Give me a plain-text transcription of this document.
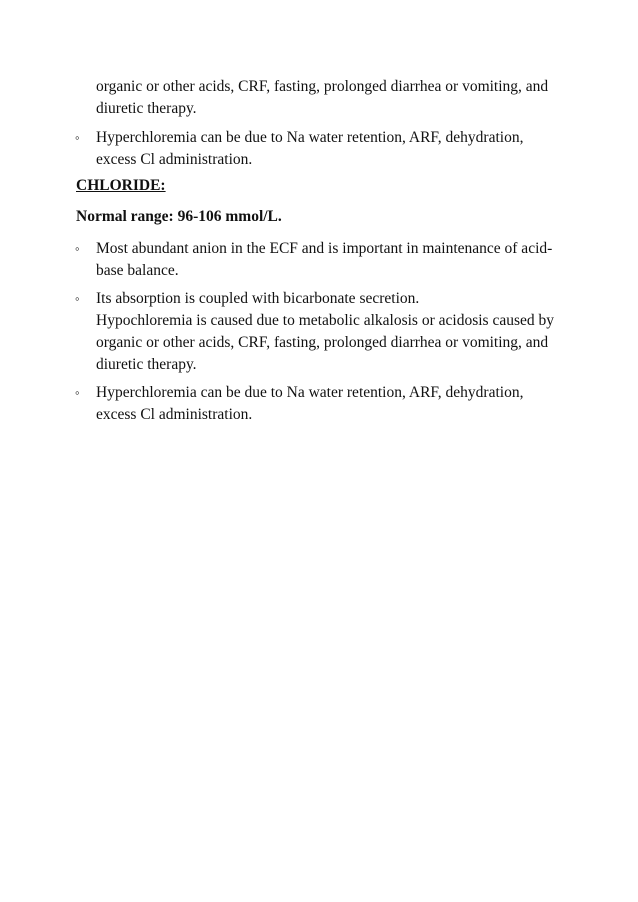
organic or other acids, CRF, fasting, prolonged diarrhea or vomiting, and
diuretic therapy.
◦ Hyperchloremia can be due to Na water retention, ARF, dehydration,
excess Cl administration.
CHLORIDE:
Normal range: 96-106 mmol/L.
◦ Most abundant anion in the ECF and is important in maintenance of acid-
base balance.
◦ Its absorption is coupled with bicarbonate secretion.
Hypochloremia is caused due to metabolic alkalosis or acidosis caused by
organic or other acids, CRF, fasting, prolonged diarrhea or vomiting, and
diuretic therapy.
◦ Hyperchloremia can be due to Na water retention, ARF, dehydration,
excess Cl administration.
